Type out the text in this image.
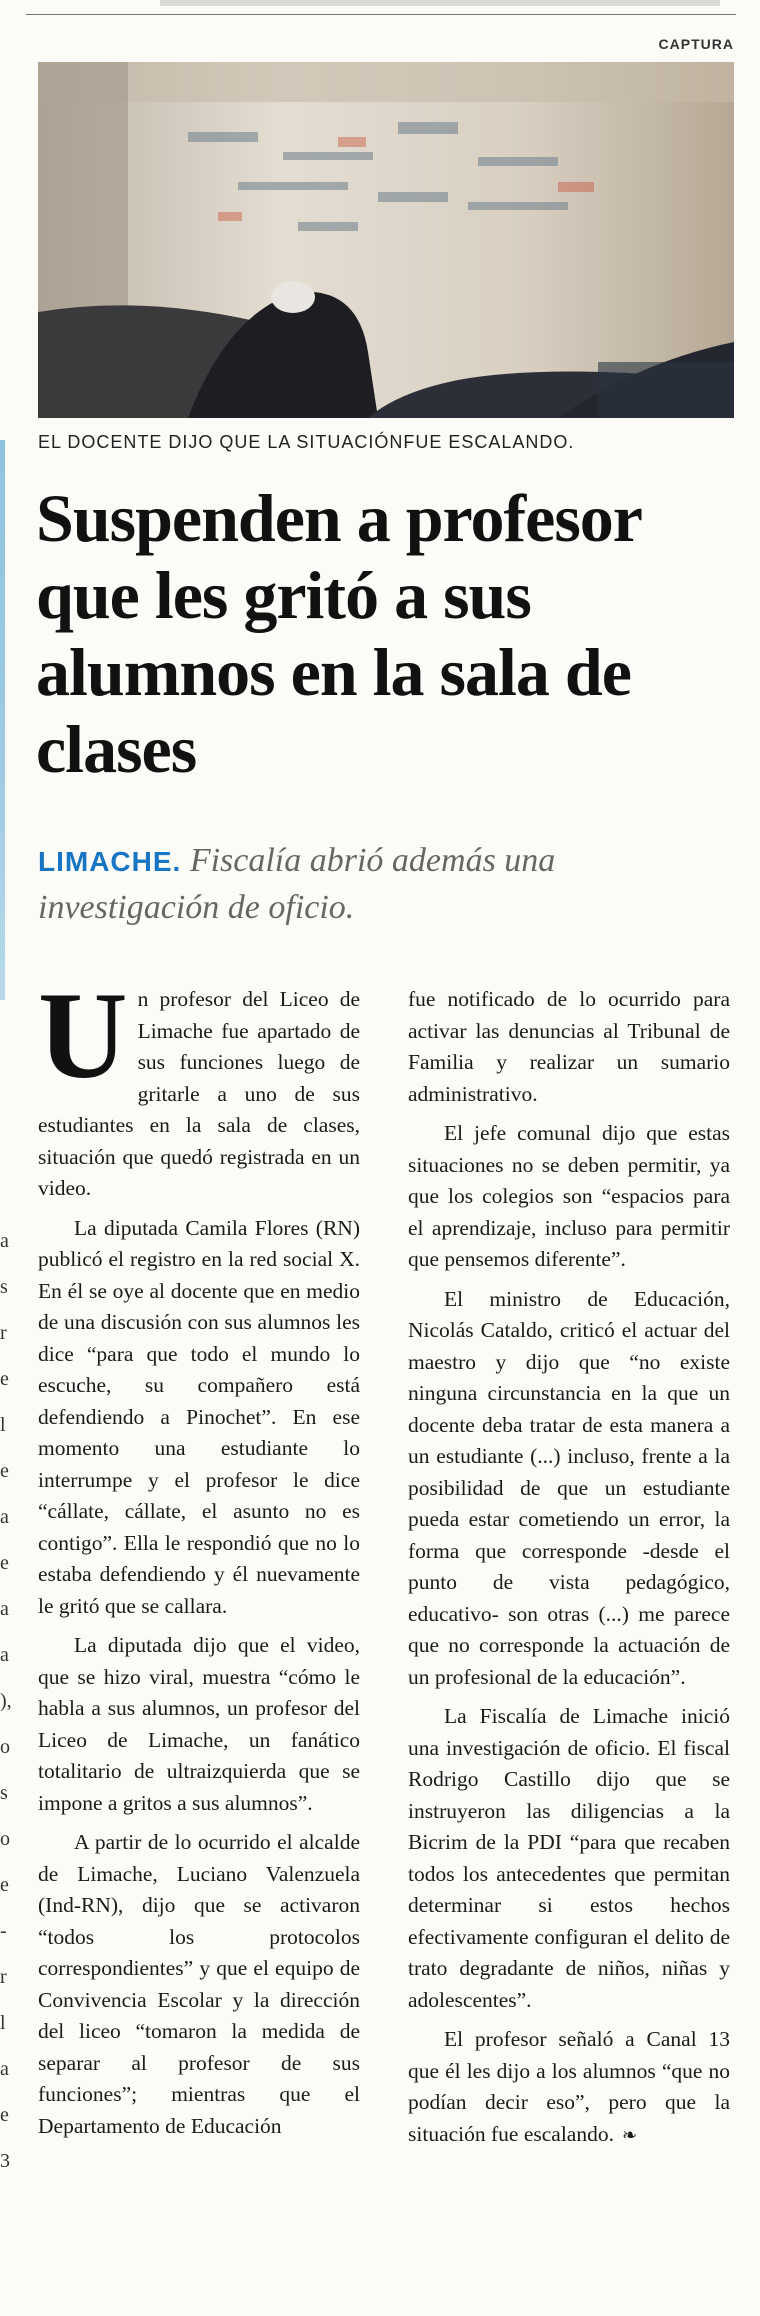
a
s
r
e
l
e
a
e
a
a
),
o
s
o
e
-
r
l
a
e
3
CAPTURA
EL DOCENTE DIJO QUE LA SITUACIÓNFUE ESCALANDO.
Suspenden a profesor que les gritó a sus alumnos en la sala de clases
LIMACHE. Fiscalía abrió además una investigación de oficio.

Un profesor del Liceo de Limache fue apartado de sus funciones luego de gritarle a uno de sus estudiantes en la sala de clases, situación que quedó registrada en un video.

La diputada Camila Flores (RN) publicó el registro en la red social X. En él se oye al docente que en medio de una discusión con sus alumnos les dice “para que todo el mundo lo escuche, su compañero está defendiendo a Pinochet”. En ese momento una estudiante lo interrumpe y el profesor le dice “cállate, cállate, el asunto no es contigo”. Ella le respondió que no lo estaba defendiendo y él nuevamente le gritó que se callara.

La diputada dijo que el video, que se hizo viral, muestra “cómo le habla a sus alumnos, un profesor del Liceo de Limache, un fanático totalitario de ultraizquierda que se impone a gritos a sus alumnos”.

A partir de lo ocurrido el alcalde de Limache, Luciano Valenzuela (Ind-RN), dijo que se activaron “todos los protocolos correspondientes” y que el equipo de Convivencia Escolar y la dirección del liceo “tomaron la medida de separar al profesor de sus funciones”; mientras que el Departamento de Educación

fue notificado de lo ocurrido para activar las denuncias al Tribunal de Familia y realizar un sumario administrativo.

El jefe comunal dijo que estas situaciones no se deben permitir, ya que los colegios son “espacios para el aprendizaje, incluso para permitir que pensemos diferente”.

El ministro de Educación, Nicolás Cataldo, criticó el actuar del maestro y dijo que “no existe ninguna circunstancia en la que un docente deba tratar de esta manera a un estudiante (...) incluso, frente a la posibilidad de que un estudiante pueda estar cometiendo un error, la forma que corresponde -desde el punto de vista pedagógico, educativo- son otras (...) me parece que no corresponde la actuación de un profesional de la educación”.

La Fiscalía de Limache inició una investigación de oficio. El fiscal Rodrigo Castillo dijo que se instruyeron las diligencias a la Bicrim de la PDI “para que recaben todos los antecedentes que permitan determinar si estos hechos efectivamente configuran el delito de trato degradante de niños, niñas y adolescentes”.

El profesor señaló a Canal 13 que él les dijo a los alumnos “que no podían decir eso”, pero que la situación fue escalando. ❧
